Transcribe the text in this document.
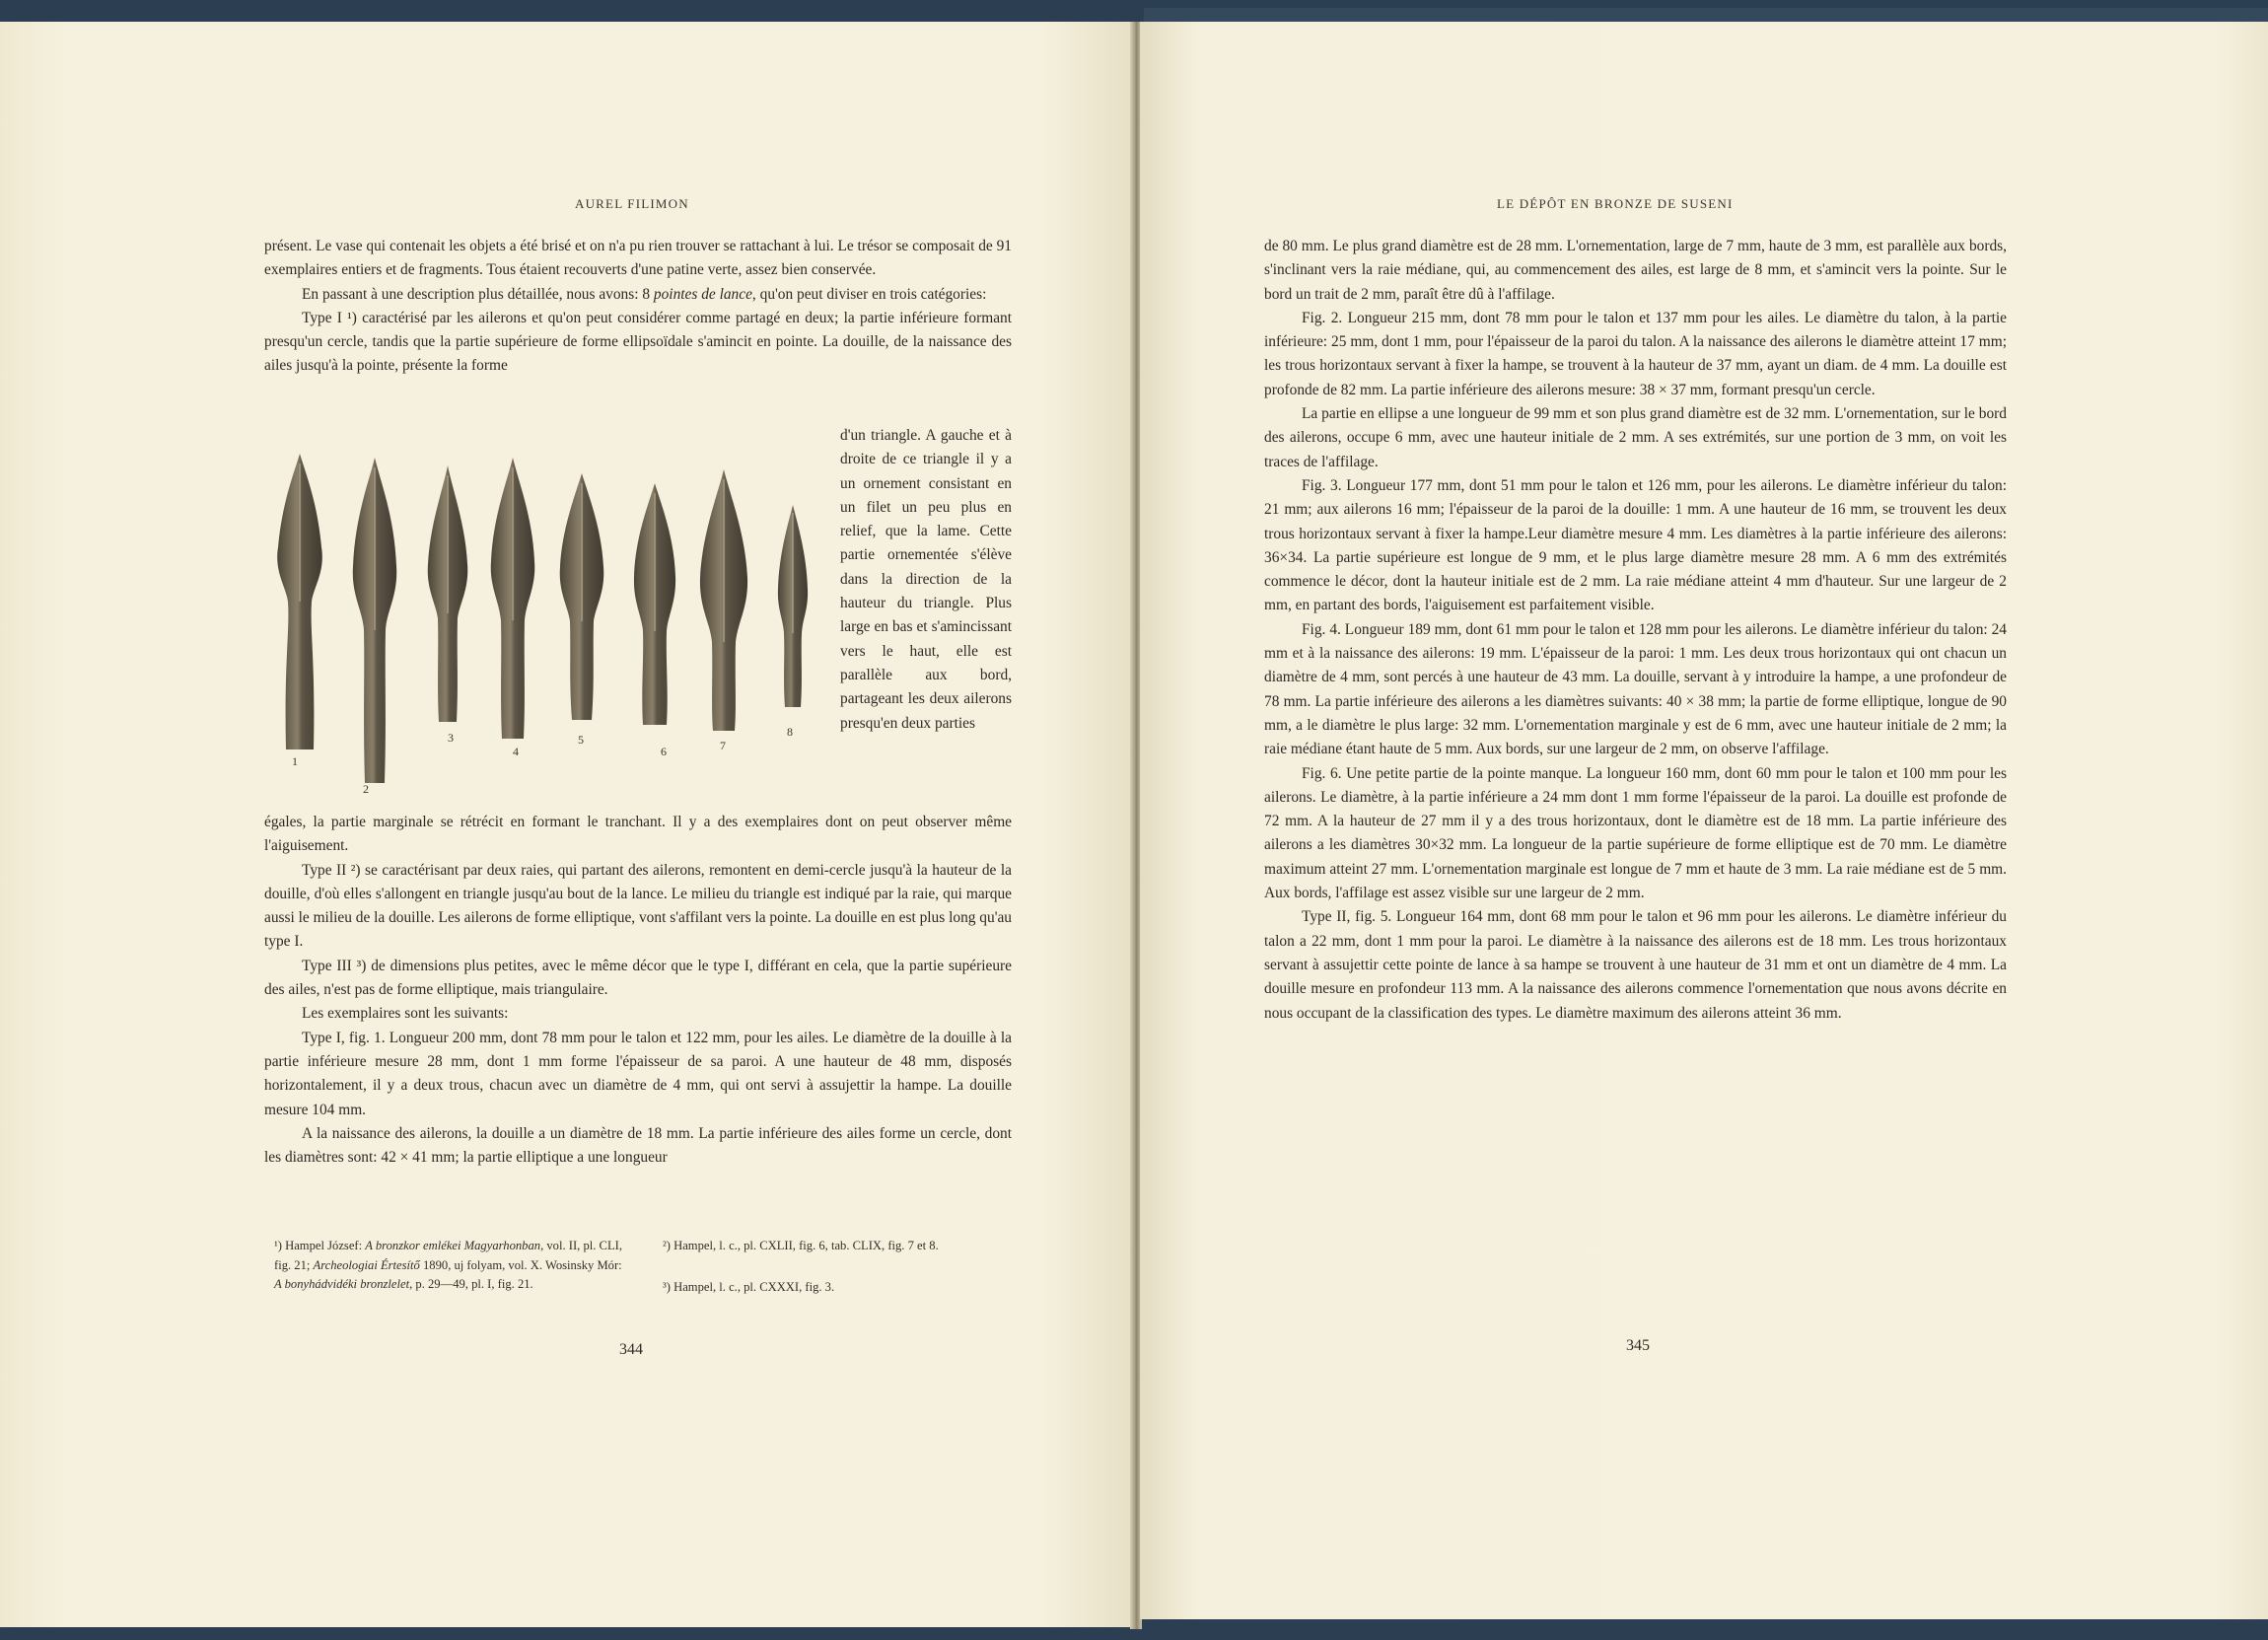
AUREL FILIMON

présent. Le vase qui contenait les objets a été brisé et on n'a pu rien trouver se rattachant à lui. Le trésor se composait de 91 exemplaires entiers et de fragments. Tous étaient recouverts d'une patine verte, assez bien conservée.

En passant à une description plus détaillée, nous avons: 8 pointes de lance, qu'on peut diviser en trois catégories:

Type I ¹) caractérisé par les ailerons et qu'on peut considérer comme partagé en deux; la partie inférieure formant presqu'un cercle, tandis que la partie supérieure de forme ellipsoïdale s'amincit en pointe. La douille, de la naissance des ailes jusqu'à la pointe, présente la forme

1
2
3
4
5
6	7
8
d'un triangle. A gauche et à droite de ce triangle il y a un ornement consistant en un filet un peu plus en relief, que la lame. Cette partie ornementée s'élève dans la direction de la hauteur du triangle. Plus large en bas et s'amincissant vers le haut, elle est parallèle aux bord, partageant les deux ailerons presqu'en deux parties

égales, la partie marginale se rétrécit en formant le tranchant. Il y a des exemplaires dont on peut observer même l'aiguisement.

Type II ²) se caractérisant par deux raies, qui partant des ailerons, remontent en demi-cercle jusqu'à la hauteur de la douille, d'où elles s'allongent en triangle jusqu'au bout de la lance. Le milieu du triangle est indiqué par la raie, qui marque aussi le milieu de la douille. Les ailerons de forme elliptique, vont s'affilant vers la pointe. La douille en est plus long qu'au type I.

Type III ³) de dimensions plus petites, avec le même décor que le type I, différant en cela, que la partie supérieure des ailes, n'est pas de forme elliptique, mais triangulaire.

Les exemplaires sont les suivants:

Type I, fig. 1. Longueur 200 mm, dont 78 mm pour le talon et 122 mm, pour les ailes. Le diamètre de la douille à la partie inférieure mesure 28 mm, dont 1 mm forme l'épaisseur de sa paroi. A une hauteur de 48 mm, disposés horizontalement, il y a deux trous, chacun avec un diamètre de 4 mm, qui ont servi à assujettir la hampe. La douille mesure 104 mm.

A la naissance des ailerons, la douille a un diamètre de 18 mm. La partie inférieure des ailes forme un cercle, dont les diamètres sont: 42 × 41 mm; la partie elliptique a une longueur

¹) Hampel József: A bronzkor emlékei Magyarhonban, vol. II, pl. CLI, fig. 21; Archeologiai Értesítő 1890, uj folyam, vol. X. Wosinsky Mór: A bonyhádvidéki bronzlelet, p. 29—49, pl. I, fig. 21.
²) Hampel, l. c., pl. CXLII, fig. 6, tab. CLIX, fig. 7 et 8.
³) Hampel, l. c., pl. CXXXI, fig. 3.
344
LE DÉPÔT EN BRONZE DE SUSENI

de 80 mm. Le plus grand diamètre est de 28 mm. L'ornementation, large de 7 mm, haute de 3 mm, est parallèle aux bords, s'inclinant vers la raie médiane, qui, au commencement des ailes, est large de 8 mm, et s'amincit vers la pointe. Sur le bord un trait de 2 mm, paraît être dû à l'affilage.

Fig. 2. Longueur 215 mm, dont 78 mm pour le talon et 137 mm pour les ailes. Le diamètre du talon, à la partie inférieure: 25 mm, dont 1 mm, pour l'épaisseur de la paroi du talon. A la naissance des ailerons le diamètre atteint 17 mm; les trous horizontaux servant à fixer la hampe, se trouvent à la hauteur de 37 mm, ayant un diam. de 4 mm. La douille est profonde de 82 mm. La partie inférieure des ailerons mesure: 38 × 37 mm, formant presqu'un cercle.

La partie en ellipse a une longueur de 99 mm et son plus grand diamètre est de 32 mm. L'ornementation, sur le bord des ailerons, occupe 6 mm, avec une hauteur initiale de 2 mm. A ses extrémités, sur une portion de 3 mm, on voit les traces de l'affilage.

Fig. 3. Longueur 177 mm, dont 51 mm pour le talon et 126 mm, pour les ailerons. Le diamètre inférieur du talon: 21 mm; aux ailerons 16 mm; l'épaisseur de la paroi de la douille: 1 mm. A une hauteur de 16 mm, se trouvent les deux trous horizontaux servant à fixer la hampe.Leur diamètre mesure 4 mm. Les diamètres à la partie inférieure des ailerons: 36×34. La partie supérieure est longue de 9 mm, et le plus large diamètre mesure 28 mm. A 6 mm des extrémités commence le décor, dont la hauteur initiale est de 2 mm. La raie médiane atteint 4 mm d'hauteur. Sur une largeur de 2 mm, en partant des bords, l'aiguisement est parfaitement visible.

Fig. 4. Longueur 189 mm, dont 61 mm pour le talon et 128 mm pour les ailerons. Le diamètre inférieur du talon: 24 mm et à la naissance des ailerons: 19 mm. L'épaisseur de la paroi: 1 mm. Les deux trous horizontaux qui ont chacun un diamètre de 4 mm, sont percés à une hauteur de 43 mm. La douille, servant à y introduire la hampe, a une profondeur de 78 mm. La partie inférieure des ailerons a les diamètres suivants: 40 × 38 mm; la partie de forme elliptique, longue de 90 mm, a le diamètre le plus large: 32 mm. L'ornementation marginale y est de 6 mm, avec une hauteur initiale de 2 mm; la raie médiane étant haute de 5 mm. Aux bords, sur une largeur de 2 mm, on observe l'affilage.

Fig. 6. Une petite partie de la pointe manque. La longueur 160 mm, dont 60 mm pour le talon et 100 mm pour les ailerons. Le diamètre, à la partie inférieure a 24 mm dont 1 mm forme l'épaisseur de la paroi. La douille est profonde de 72 mm. A la hauteur de 27 mm il y a des trous horizontaux, dont le diamètre est de 18 mm. La partie inférieure des ailerons a les diamètres 30×32 mm. La longueur de la partie supérieure de forme elliptique est de 70 mm. Le diamètre maximum atteint 27 mm. L'ornementation marginale est longue de 7 mm et haute de 3 mm. La raie médiane est de 5 mm. Aux bords, l'affilage est assez visible sur une largeur de 2 mm.

Type II, fig. 5. Longueur 164 mm, dont 68 mm pour le talon et 96 mm pour les ailerons. Le diamètre inférieur du talon a 22 mm, dont 1 mm pour la paroi. Le diamètre à la naissance des ailerons est de 18 mm. Les trous horizontaux servant à assujettir cette pointe de lance à sa hampe se trouvent à une hauteur de 31 mm et ont un diamètre de 4 mm. La douille mesure en profondeur 113 mm. A la naissance des ailerons commence l'ornementation que nous avons décrite en nous occupant de la classification des types. Le diamètre maximum des ailerons atteint 36 mm.

345
